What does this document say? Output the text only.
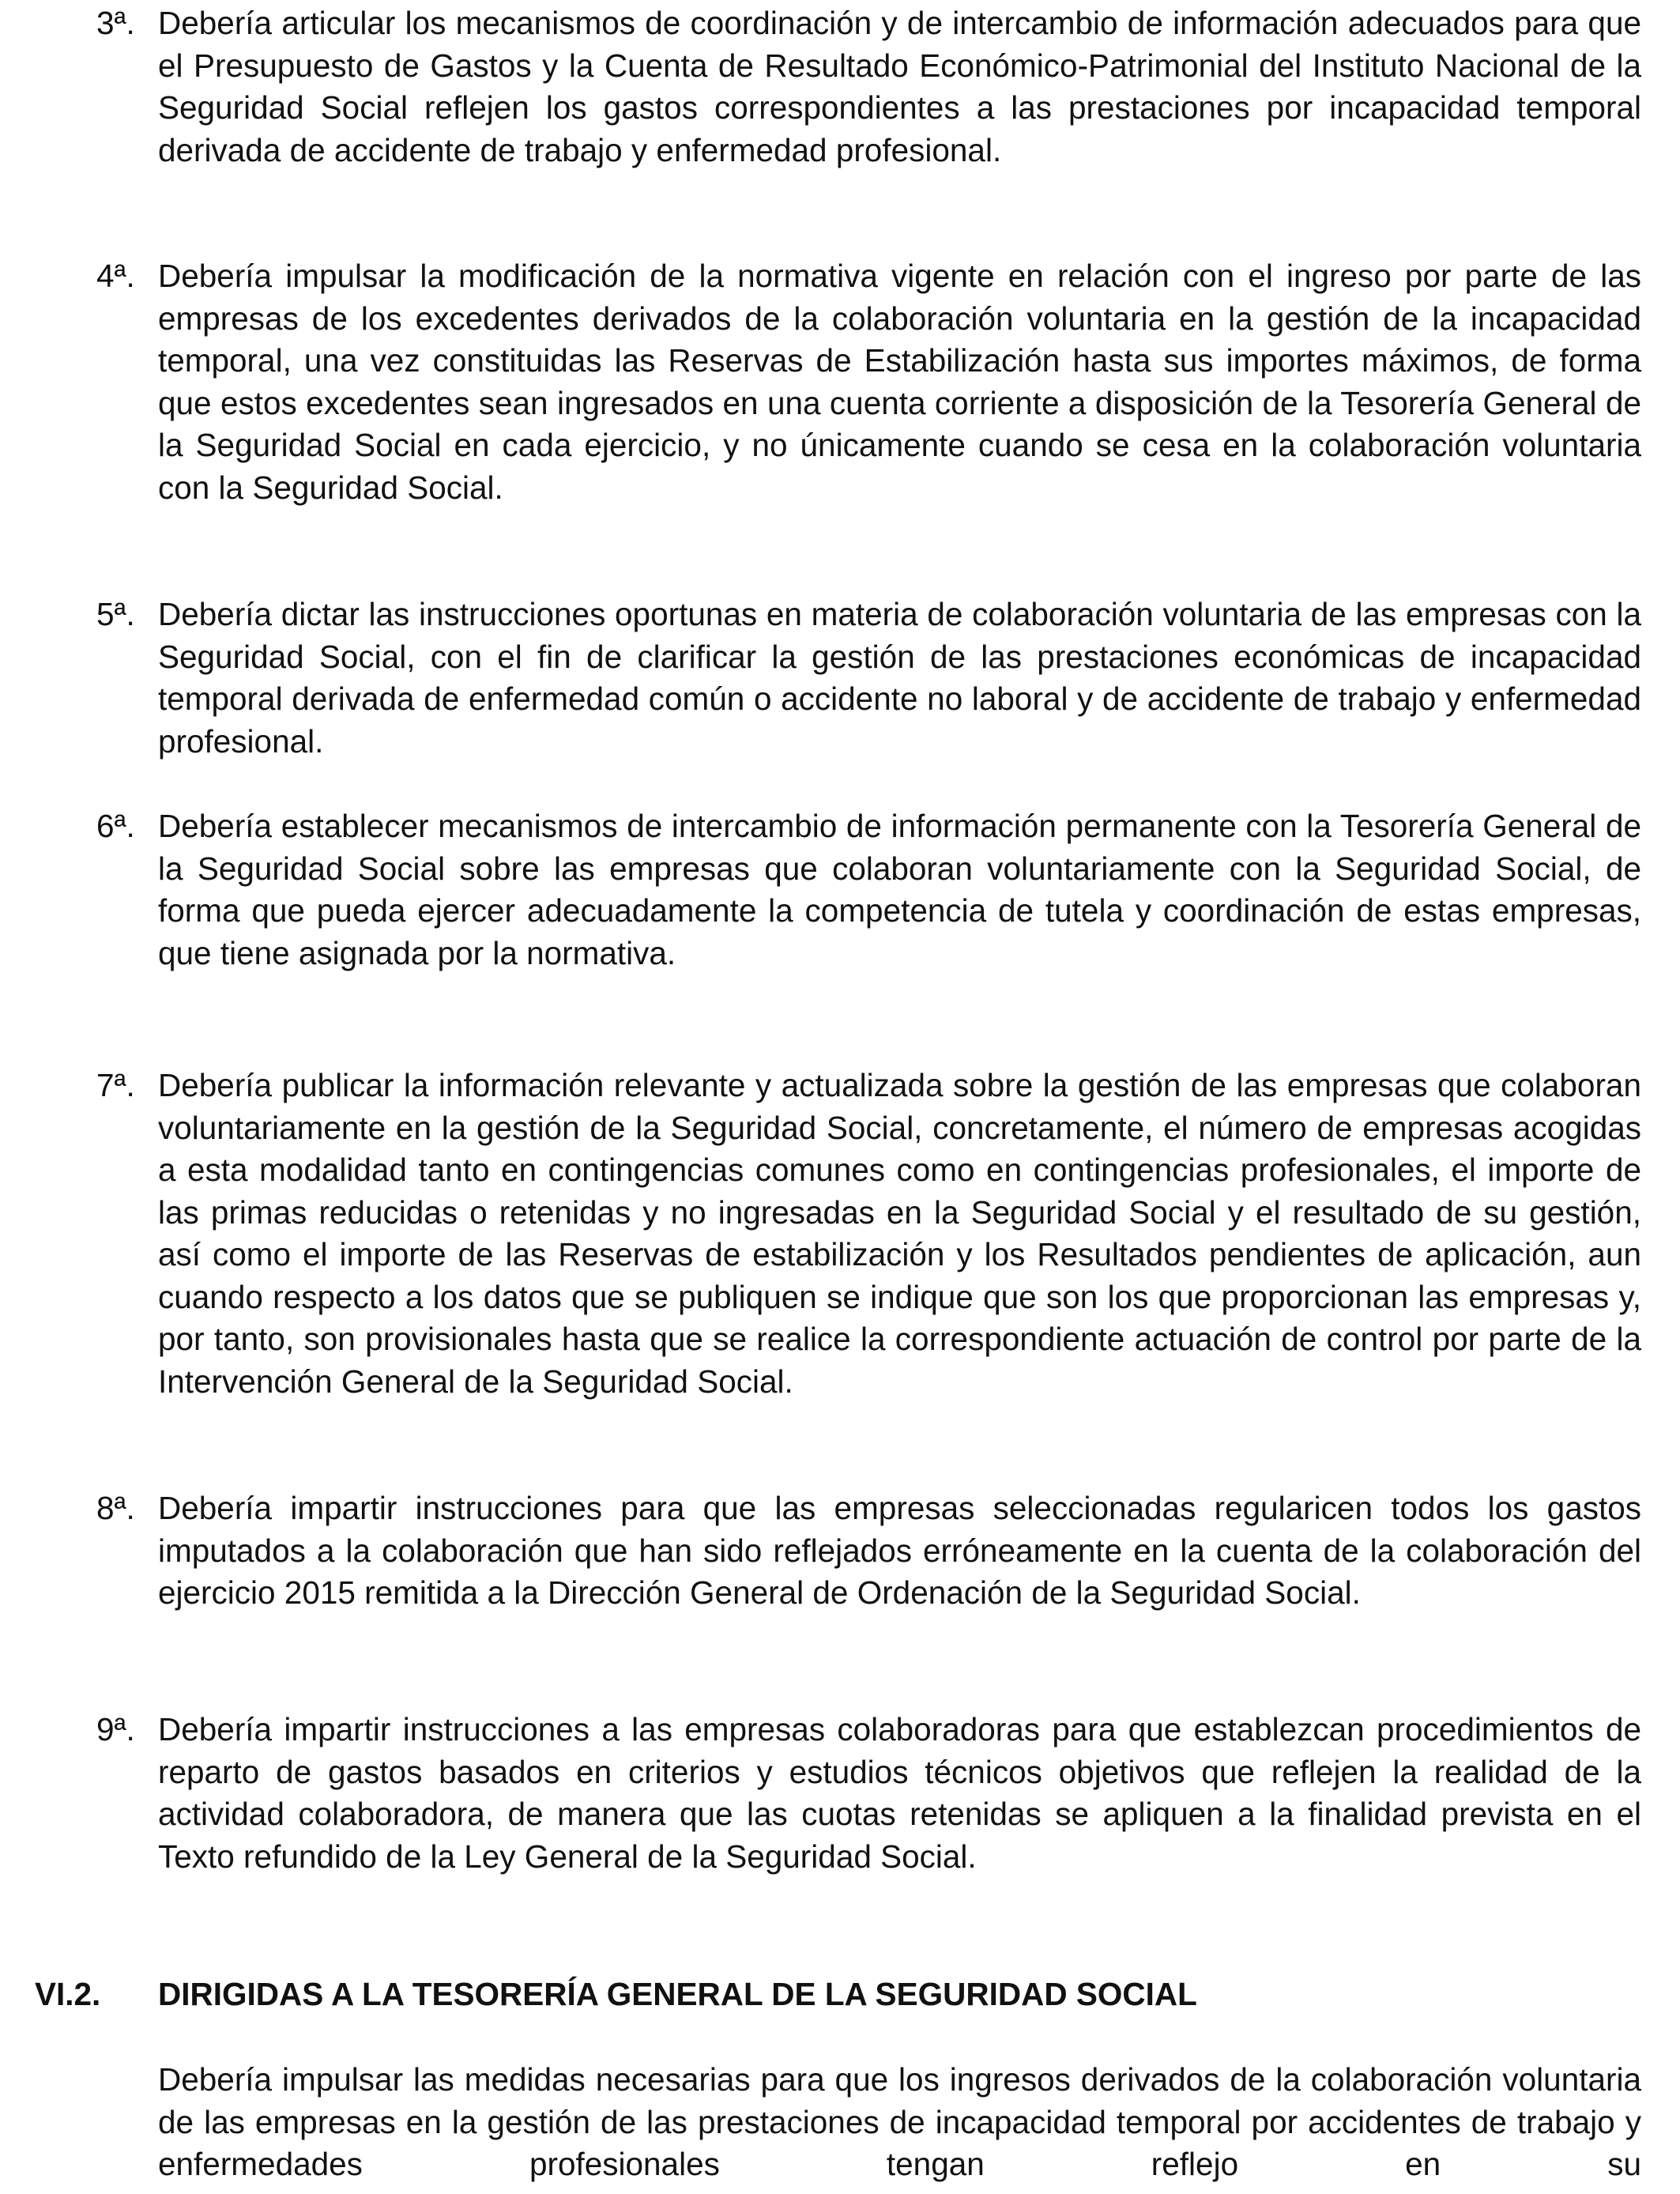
3ª. Debería articular los mecanismos de coordinación y de intercambio de información adecuados para que el Presupuesto de Gastos y la Cuenta de Resultado Económico-Patrimonial del Instituto Nacional de la Seguridad Social reflejen los gastos correspondientes a las prestaciones por incapacidad temporal derivada de accidente de trabajo y enfermedad profesional.
4ª. Debería impulsar la modificación de la normativa vigente en relación con el ingreso por parte de las empresas de los excedentes derivados de la colaboración voluntaria en la gestión de la incapacidad temporal, una vez constituidas las Reservas de Estabilización hasta sus importes máximos, de forma que estos excedentes sean ingresados en una cuenta corriente a disposición de la Tesorería General de la Seguridad Social en cada ejercicio, y no únicamente cuando se cesa en la colaboración voluntaria con la Seguridad Social.
5ª. Debería dictar las instrucciones oportunas en materia de colaboración voluntaria de las empresas con la Seguridad Social, con el fin de clarificar la gestión de las prestaciones económicas de incapacidad temporal derivada de enfermedad común o accidente no laboral y de accidente de trabajo y enfermedad profesional.
6ª. Debería establecer mecanismos de intercambio de información permanente con la Tesorería General de la Seguridad Social sobre las empresas que colaboran voluntariamente con la Seguridad Social, de forma que pueda ejercer adecuadamente la competencia de tutela y coordinación de estas empresas, que tiene asignada por la normativa.
7ª. Debería publicar la información relevante y actualizada sobre la gestión de las empresas que colaboran voluntariamente en la gestión de la Seguridad Social, concretamente, el número de empresas acogidas a esta modalidad tanto en contingencias comunes como en contingencias profesionales, el importe de las primas reducidas o retenidas y no ingresadas en la Seguridad Social y el resultado de su gestión, así como el importe de las Reservas de estabilización y los Resultados pendientes de aplicación, aun cuando respecto a los datos que se publiquen se indique que son los que proporcionan las empresas y, por tanto, son provisionales hasta que se realice la correspondiente actuación de control por parte de la Intervención General de la Seguridad Social.
8ª. Debería impartir instrucciones para que las empresas seleccionadas regularicen todos los gastos imputados a la colaboración que han sido reflejados erróneamente en la cuenta de la colaboración del ejercicio 2015 remitida a la Dirección General de Ordenación de la Seguridad Social.
9ª. Debería impartir instrucciones a las empresas colaboradoras para que establezcan procedimientos de reparto de gastos basados en criterios y estudios técnicos objetivos que reflejen la realidad de la actividad colaboradora, de manera que las cuotas retenidas se apliquen a la finalidad prevista en el Texto refundido de la Ley General de la Seguridad Social.
VI.2. DIRIGIDAS A LA TESORERÍA GENERAL DE LA SEGURIDAD SOCIAL
Debería impulsar las medidas necesarias para que los ingresos derivados de la colaboración voluntaria de las empresas en la gestión de las prestaciones de incapacidad temporal por accidentes de trabajo y enfermedades profesionales tengan reflejo en su
